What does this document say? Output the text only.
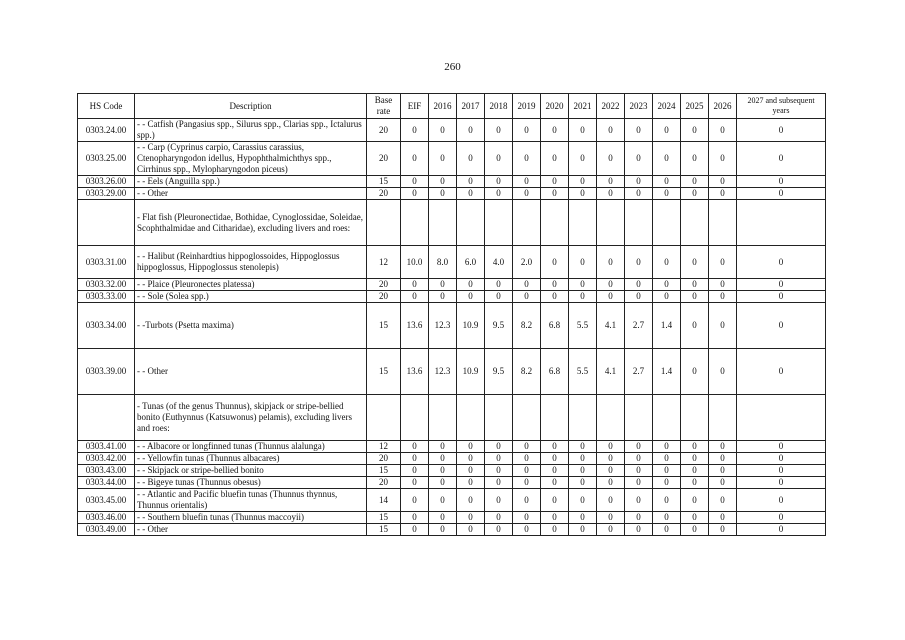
260
HS Code	Description	Base rate	EIF	2016	2017	2018	2019	2020	2021	2022	2023	2024	2025	2026	2027 and subsequent years
0303.24.00	- - Catfish (Pangasius spp., Silurus spp., Clarias spp., Ictalurus spp.)	20	0	0	0	0	0	0	0	0	0	0	0	0	0
0303.25.00	- - Carp (Cyprinus carpio, Carassius carassius, Ctenopharyngodon idellus, Hypophthalmichthys spp., Cirrhinus spp., Mylopharyngodon piceus)	20	0	0	0	0	0	0	0	0	0	0	0	0	0
0303.26.00	- - Eels (Anguilla spp.)	15	0	0	0	0	0	0	0	0	0	0	0	0	0
0303.29.00	- - Other	20	0	0	0	0	0	0	0	0	0	0	0	0	0
	- Flat fish (Pleuronectidae, Bothidae, Cynoglossidae, Soleidae, Scophthalmidae and Citharidae), excluding livers and roes:														
0303.31.00	- - Halibut (Reinhardtius hippoglossoides, Hippoglossus hippoglossus, Hippoglossus stenolepis)	12	10.0	8.0	6.0	4.0	2.0	0	0	0	0	0	0	0	0
0303.32.00	- - Plaice (Pleuronectes platessa)	20	0	0	0	0	0	0	0	0	0	0	0	0	0
0303.33.00	- - Sole (Solea spp.)	20	0	0	0	0	0	0	0	0	0	0	0	0	0
0303.34.00	- -Turbots (Psetta maxima)	15	13.6	12.3	10.9	9.5	8.2	6.8	5.5	4.1	2.7	1.4	0	0	0
0303.39.00	- - Other	15	13.6	12.3	10.9	9.5	8.2	6.8	5.5	4.1	2.7	1.4	0	0	0
	- Tunas (of the genus Thunnus), skipjack or stripe-bellied bonito (Euthynnus (Katsuwonus) pelamis), excluding livers and roes:														
0303.41.00	- - Albacore or longfinned tunas (Thunnus alalunga)	12	0	0	0	0	0	0	0	0	0	0	0	0	0
0303.42.00	- - Yellowfin tunas (Thunnus albacares)	20	0	0	0	0	0	0	0	0	0	0	0	0	0
0303.43.00	- - Skipjack or stripe-bellied bonito	15	0	0	0	0	0	0	0	0	0	0	0	0	0
0303.44.00	- - Bigeye tunas (Thunnus obesus)	20	0	0	0	0	0	0	0	0	0	0	0	0	0
0303.45.00	- - Atlantic and Pacific bluefin tunas (Thunnus thynnus, Thunnus orientalis)	14	0	0	0	0	0	0	0	0	0	0	0	0	0
0303.46.00	- - Southern bluefin tunas (Thunnus maccoyii)	15	0	0	0	0	0	0	0	0	0	0	0	0	0
0303.49.00	- - Other	15	0	0	0	0	0	0	0	0	0	0	0	0	0
